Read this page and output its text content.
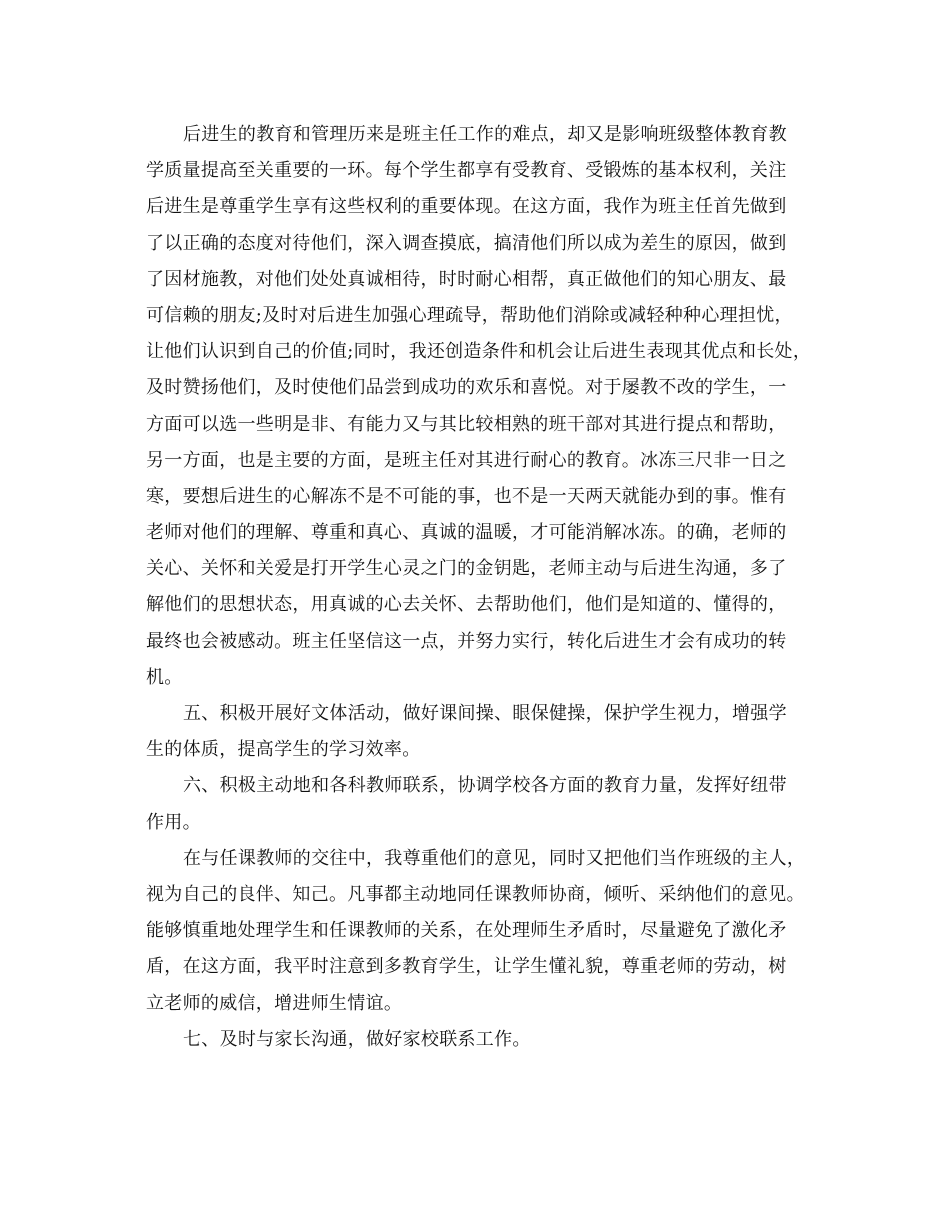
后进生的教育和管理历来是班主任工作的难点，却又是影响班级整体教育教
学质量提高至关重要的一环。每个学生都享有受教育、受锻炼的基本权利，关注
后进生是尊重学生享有这些权利的重要体现。在这方面，我作为班主任首先做到
了以正确的态度对待他们，深入调查摸底，搞清他们所以成为差生的原因，做到
了因材施教，对他们处处真诚相待，时时耐心相帮，真正做他们的知心朋友、最
可信赖的朋友;及时对后进生加强心理疏导，帮助他们消除或减轻种种心理担忧，
让他们认识到自己的价值;同时，我还创造条件和机会让后进生表现其优点和长处，
及时赞扬他们，及时使他们品尝到成功的欢乐和喜悦。对于屡教不改的学生，一
方面可以选一些明是非、有能力又与其比较相熟的班干部对其进行提点和帮助，
另一方面，也是主要的方面，是班主任对其进行耐心的教育。冰冻三尺非一日之
寒，要想后进生的心解冻不是不可能的事，也不是一天两天就能办到的事。惟有
老师对他们的理解、尊重和真心、真诚的温暖，才可能消解冰冻。的确，老师的
关心、关怀和关爱是打开学生心灵之门的金钥匙，老师主动与后进生沟通，多了
解他们的思想状态，用真诚的心去关怀、去帮助他们，他们是知道的、懂得的，
最终也会被感动。班主任坚信这一点，并努力实行，转化后进生才会有成功的转
机。
五、积极开展好文体活动，做好课间操、眼保健操，保护学生视力，增强学
生的体质，提高学生的学习效率。
六、积极主动地和各科教师联系，协调学校各方面的教育力量，发挥好纽带
作用。
在与任课教师的交往中，我尊重他们的意见，同时又把他们当作班级的主人，
视为自己的良伴、知己。凡事都主动地同任课教师协商，倾听、采纳他们的意见。
能够慎重地处理学生和任课教师的关系，在处理师生矛盾时，尽量避免了激化矛
盾，在这方面，我平时注意到多教育学生，让学生懂礼貌，尊重老师的劳动，树
立老师的威信，增进师生情谊。
七、及时与家长沟通，做好家校联系工作。
